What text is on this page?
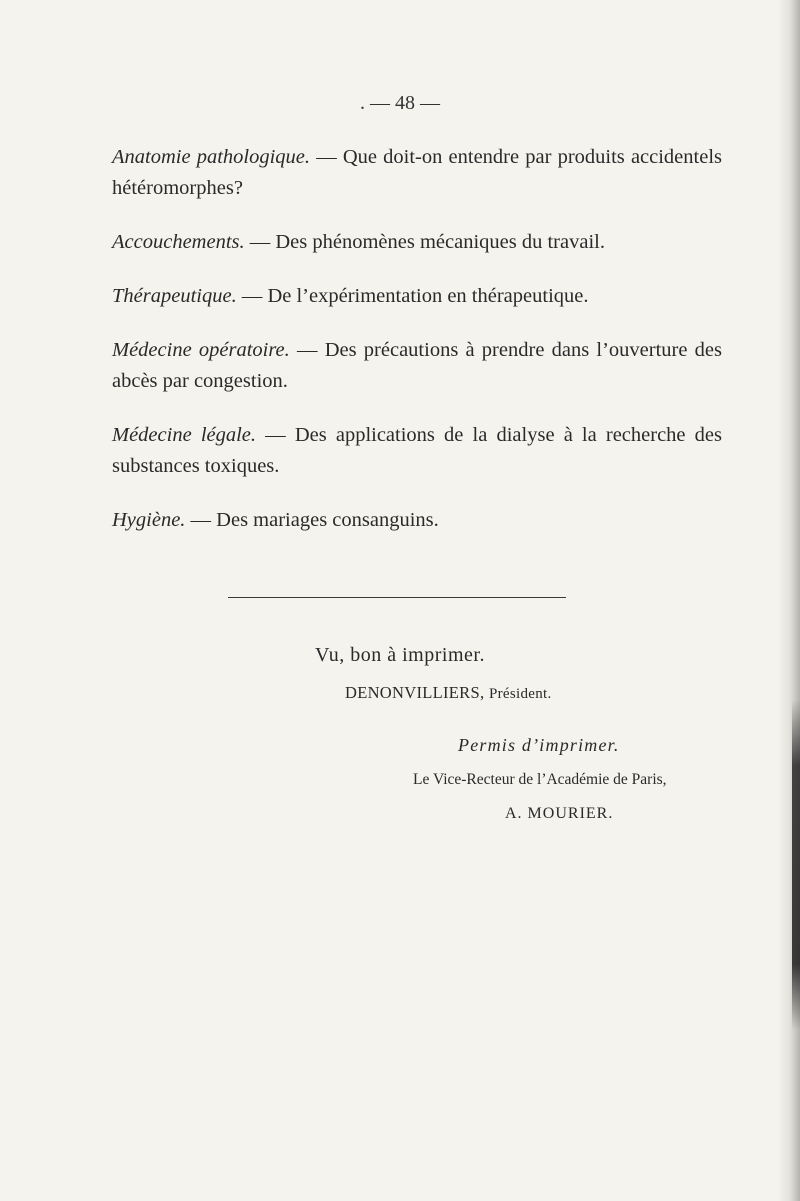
. — 48 —

Anatomie pathologique. — Que doit-on entendre par produits accidentels hétéromorphes?

Accouchements. — Des phénomènes mécaniques du travail.

Thérapeutique. — De l’expérimentation en thérapeutique.

Médecine opératoire. — Des précautions à prendre dans l’ouverture des abcès par congestion.

Médecine légale. — Des applications de la dialyse à la recherche des substances toxiques.

Hygiène. — Des mariages consanguins.

Vu, bon à imprimer.
DENONVILLIERS, Président.
Permis d’imprimer.
Le Vice-Recteur de l’Académie de Paris,
A. MOURIER.
